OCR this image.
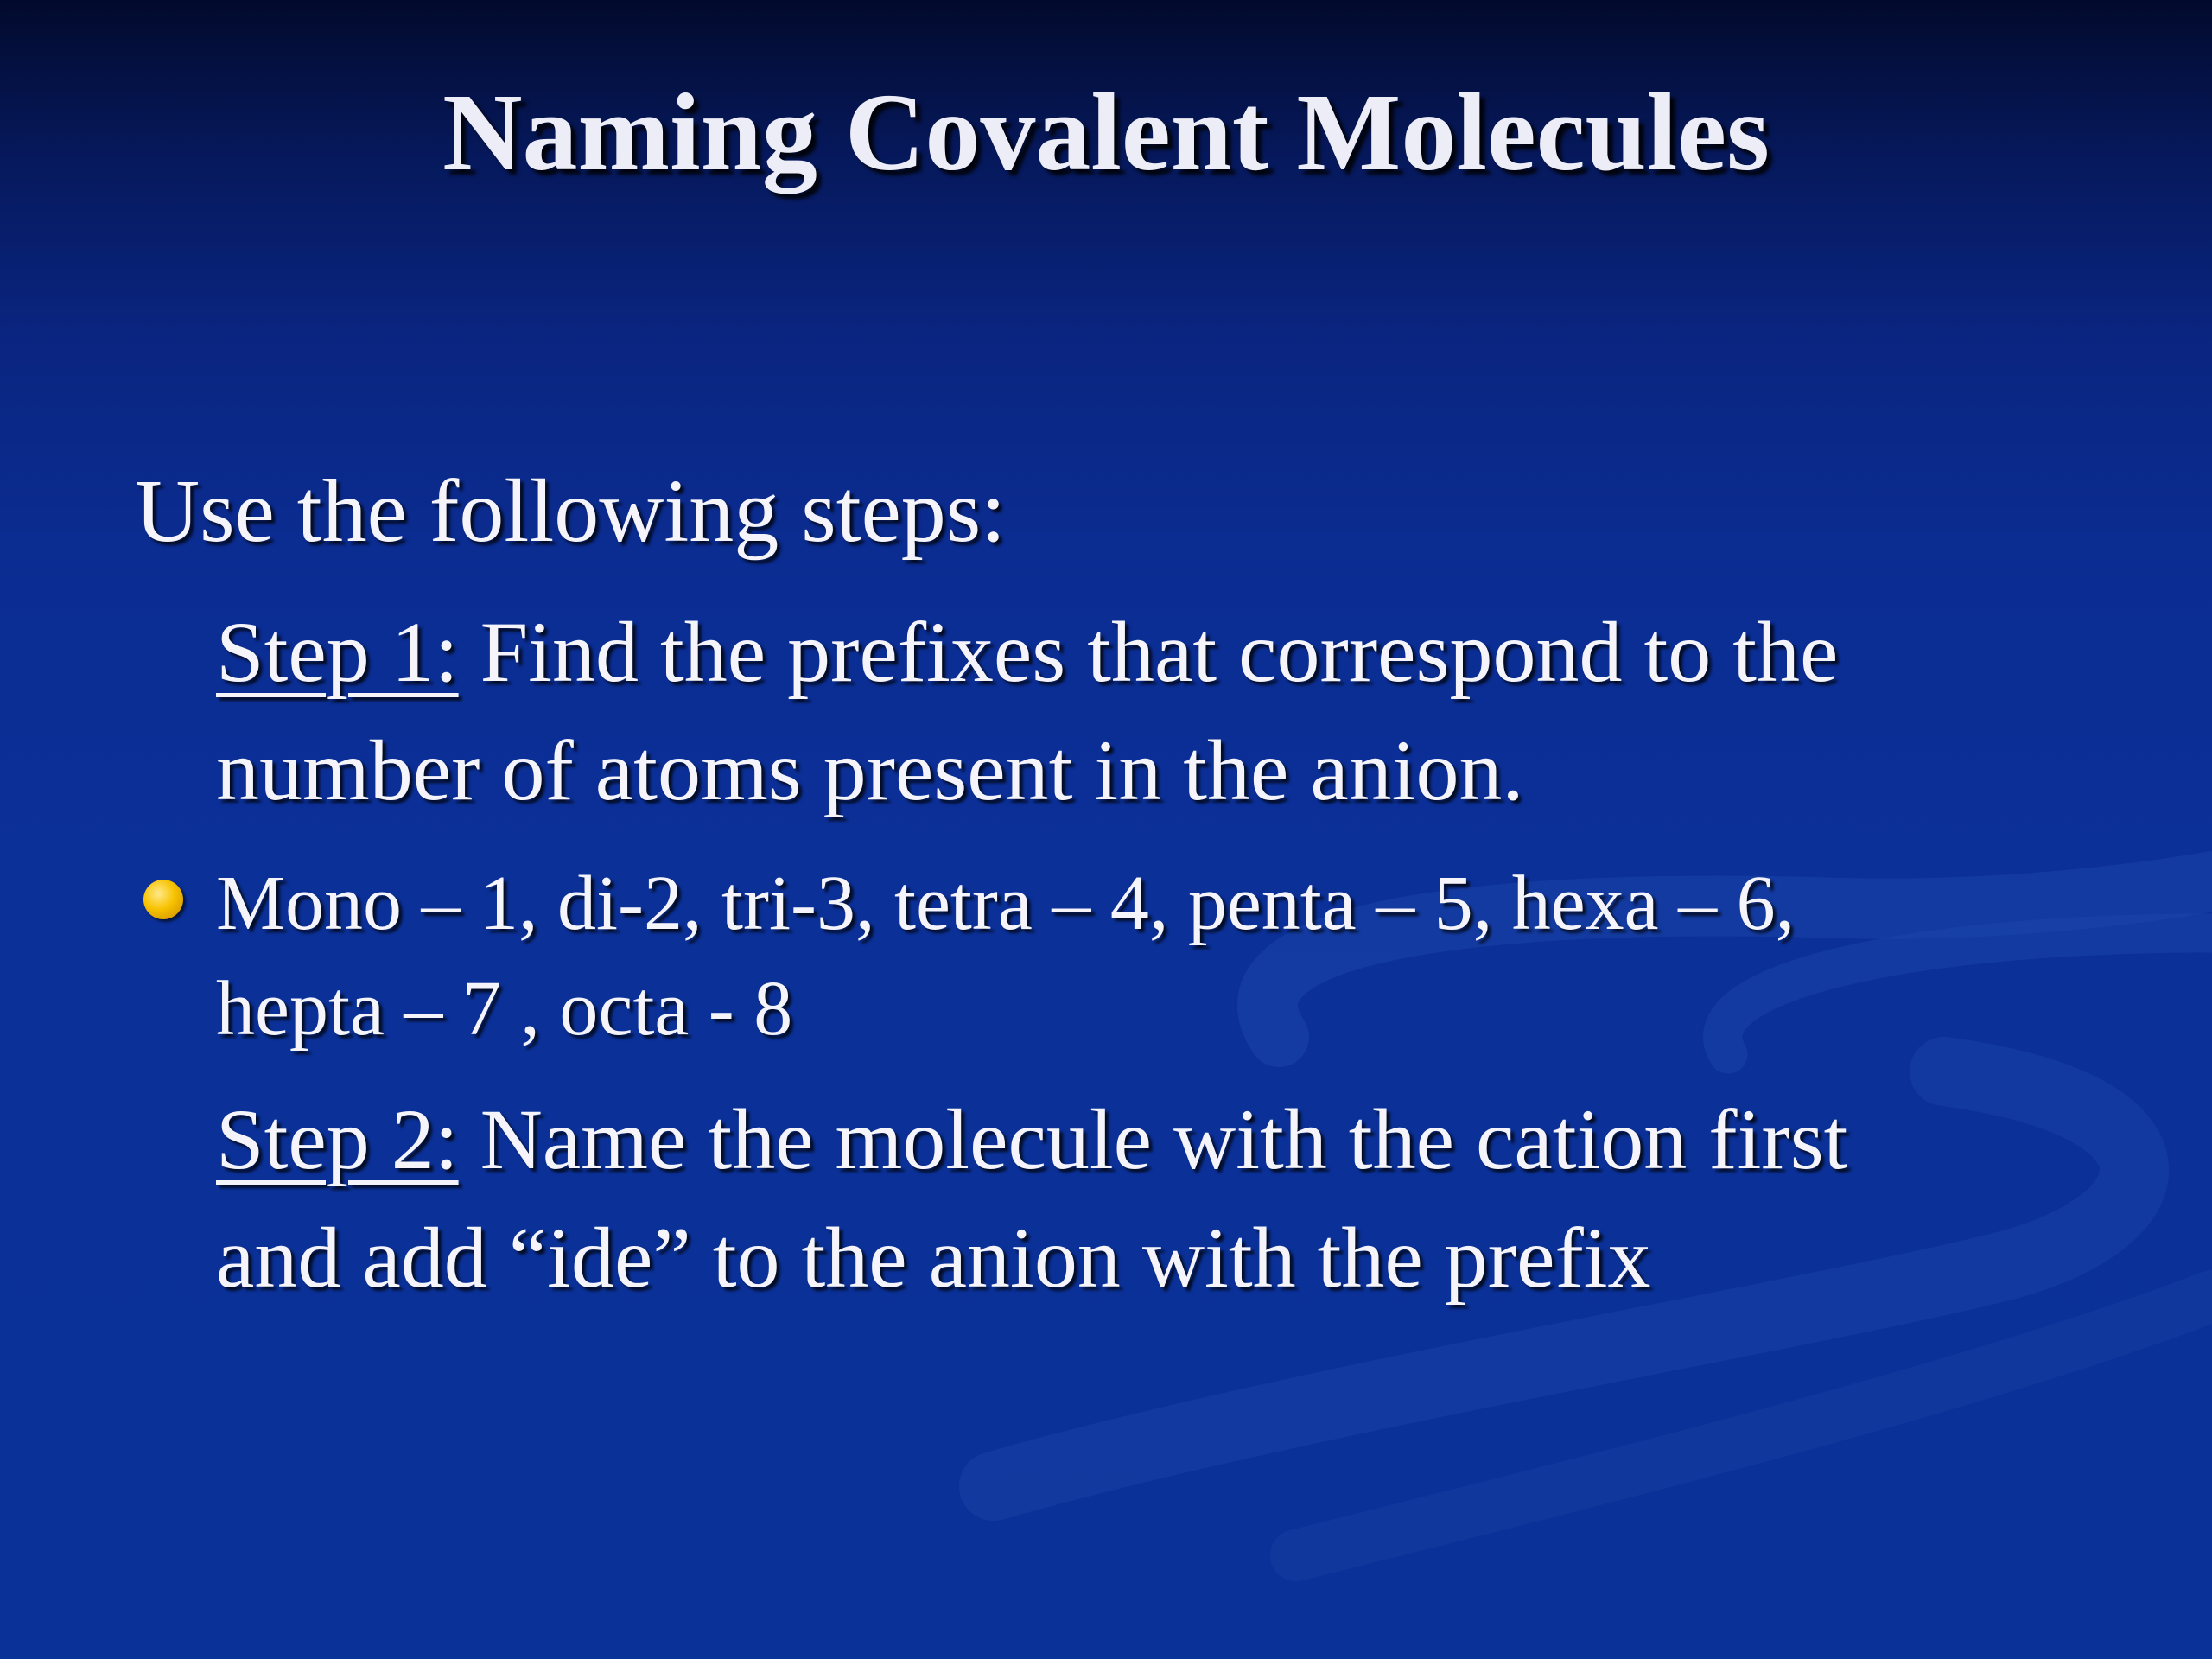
Naming Covalent Molecules
Use the following steps:
Step 1: Find the prefixes that correspond to the
number of atoms present in the anion.
Mono – 1, di-2, tri-3, tetra – 4, penta – 5, hexa – 6,
hepta – 7 , octa - 8
Step 2: Name the molecule with the cation first
and add “ide” to the anion with the prefix
